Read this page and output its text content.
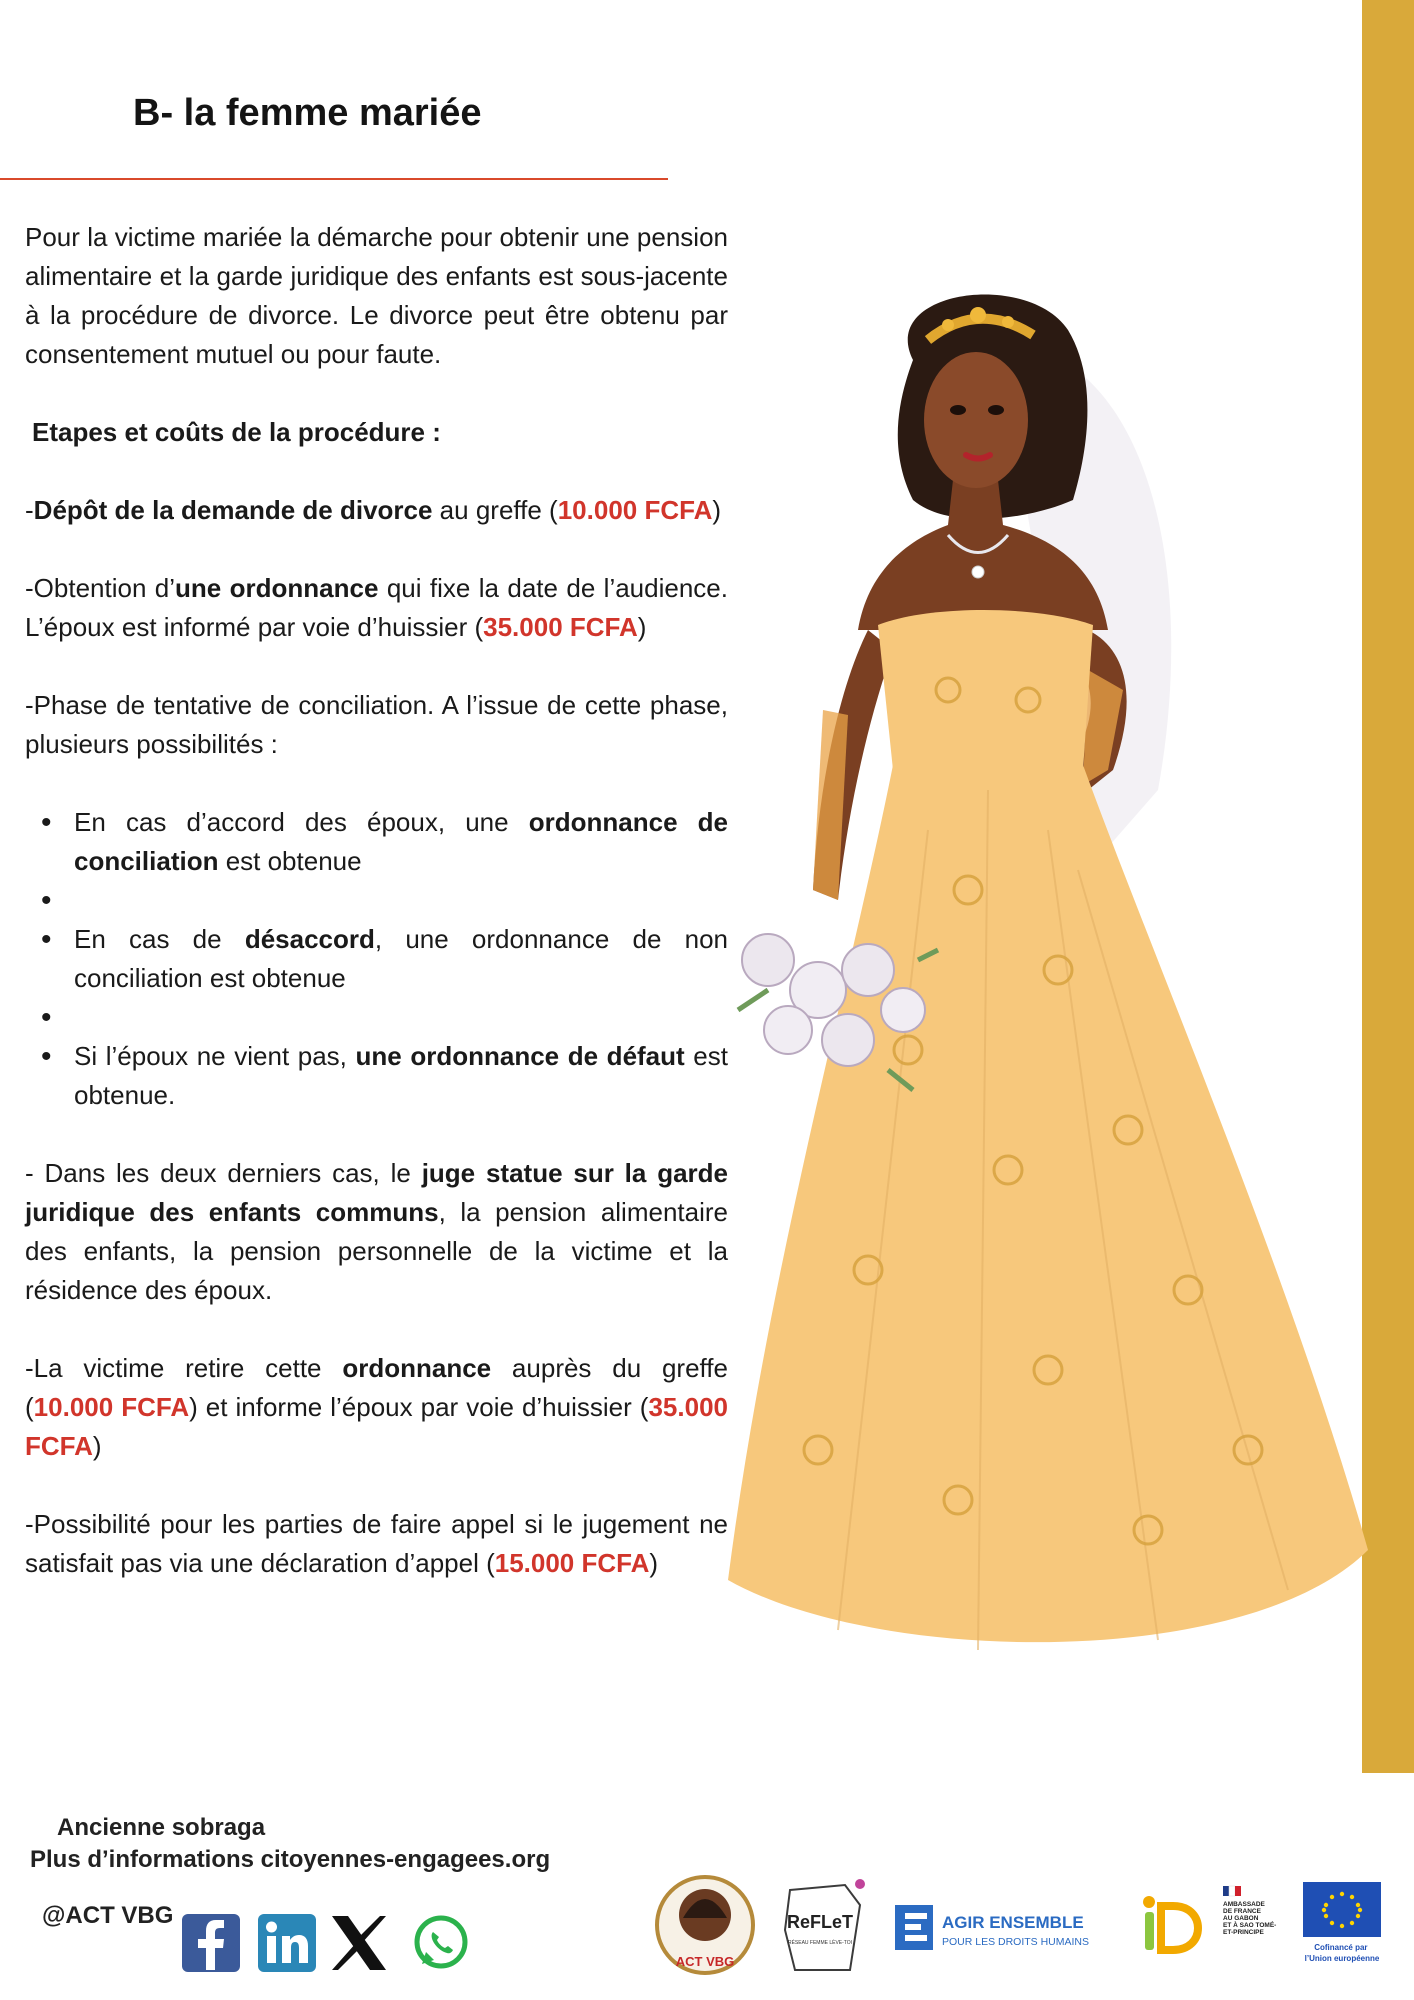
B- la femme mariée

Pour la victime mariée la démarche pour obtenir une pension alimentaire et la garde juridique des enfants est sous-jacente à la procédure de divorce. Le divorce peut être obtenu par consentement mutuel ou pour faute.

Etapes et coûts de la procédure :

-Dépôt de la demande de divorce au greffe (10.000 FCFA)

-Obtention d’une ordonnance qui fixe la date de l’audience. L’époux est informé par voie d’huissier (35.000 FCFA)

-Phase de tentative de conciliation. A l’issue de cette phase, plusieurs possibilités :

• En cas d’accord des époux, une ordonnance de conciliation est obtenue
•
• En cas de désaccord, une ordonnance de non conciliation est obtenue
•
• Si l’époux ne vient pas, une ordonnance de défaut est obtenue.

- Dans les deux derniers cas, le juge statue sur la garde juridique des enfants communs, la pension alimentaire des enfants, la pension personnelle de la victime et la résidence des époux.

-La victime retire cette ordonnance auprès du greffe (10.000 FCFA) et informe l’époux par voie d’huissier (35.000 FCFA)

-Possibilité pour les parties de faire appel si le jugement ne satisfait pas via une déclaration d’appel (15.000 FCFA)

Ancienne sobraga
Plus d’informations citoyennes-engagees.org
@ACT VBG
ACT VBG
ReFLeT
RÉSEAU FEMME LÈVE-TOI
AGIR ENSEMBLE
POUR LES DROITS HUMAINS
AMBASSADE DE FRANCE AU GABON ET À SAO TOMÉ- ET-PRINCIPE
Cofinancé par l’Union européenne
